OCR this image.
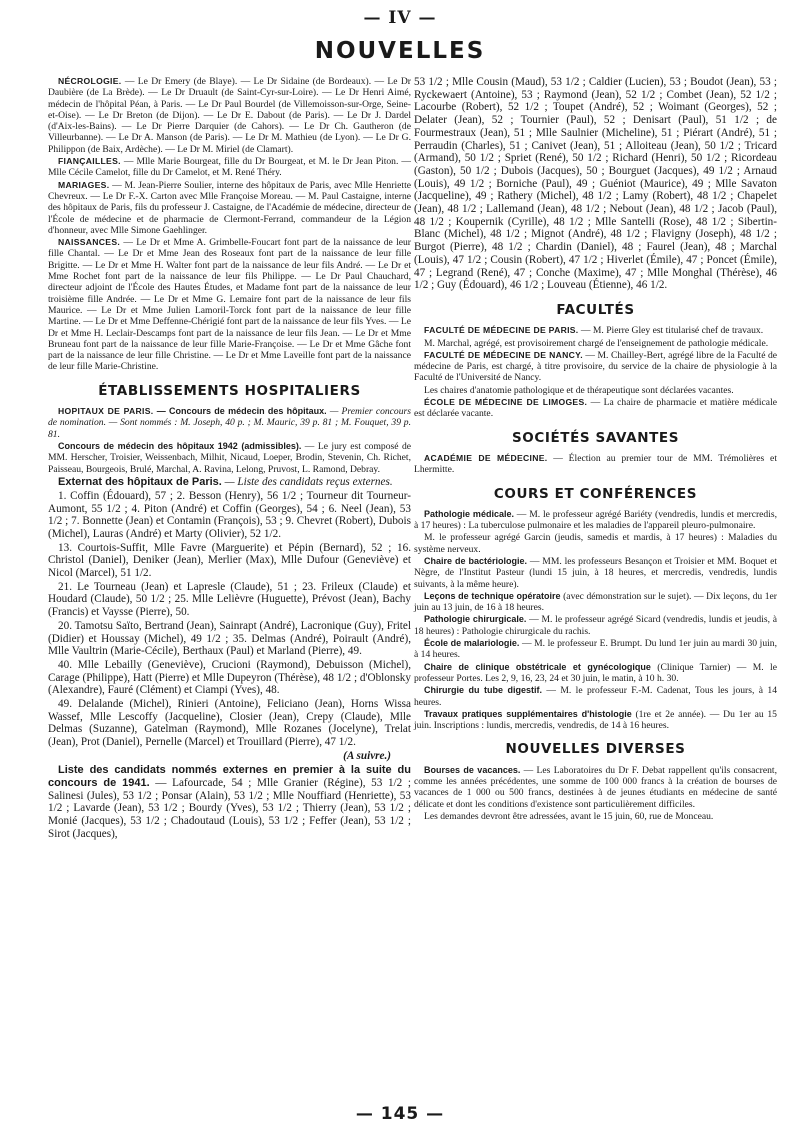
— IV —
NOUVELLES

NÉCROLOGIE. — Le Dr Emery (de Blaye). — Le Dr Sidaine (de Bordeaux). — Le Dr Daubière (de La Brède). — Le Dr Druault (de Saint-Cyr-sur-Loire). — Le Dr Henri Aimé, médecin de l'hôpital Péan, à Paris. — Le Dr Paul Bourdel (de Villemoisson-sur-Orge, Seine-et-Oise). — Le Dr Breton (de Dijon). — Le Dr E. Dabout (de Paris). — Le Dr J. Dardel (d'Aix-les-Bains). — Le Dr Pierre Darquier (de Cahors). — Le Dr Ch. Gautheron (de Villeurbanne). — Le Dr A. Manson (de Paris). — Le Dr M. Mathieu (de Lyon). — Le Dr G. Philippon (de Baix, Ardèche). — Le Dr M. Miriel (de Clamart).

FIANÇAILLES. — Mlle Marie Bourgeat, fille du Dr Bourgeat, et M. le Dr Jean Piton. — Mlle Cécile Camelot, fille du Dr Camelot, et M. René Théry.

MARIAGES. — M. Jean-Pierre Soulier, interne des hôpitaux de Paris, avec Mlle Henriette Chevreux. — Le Dr F.-X. Carton avec Mlle Françoise Moreau. — M. Paul Castaigne, interne des hôpitaux de Paris, fils du professeur J. Castaigne, de l'Académie de médecine, directeur de l'École de médecine et de pharmacie de Clermont-Ferrand, commandeur de la Légion d'honneur, avec Mlle Simone Gaehlinger.

NAISSANCES. — Le Dr et Mme A. Grimbelle-Foucart font part de la naissance de leur fille Chantal. — Le Dr et Mme Jean des Roseaux font part de la naissance de leur fille Brigitte. — Le Dr et Mme H. Walter font part de la naissance de leur fils André. — Le Dr et Mme Rochet font part de la naissance de leur fils Philippe. — Le Dr Paul Chauchard, directeur adjoint de l'École des Hautes Études, et Madame font part de la naissance de leur troisième fille Andrée. — Le Dr et Mme G. Lemaire font part de la naissance de leur fils Maurice. — Le Dr et Mme Julien Lamoril-Torck font part de la naissance de leur fille Martine. — Le Dr et Mme Deffenne-Chérigié font part de la naissance de leur fils Yves. — Le Dr et Mme H. Leclair-Descamps font part de la naissance de leur fils Jean. — Le Dr et Mme Bruneau font part de la naissance de leur fille Marie-Françoise. — Le Dr et Mme Gâche font part de la naissance de leur fille Christine. — Le Dr et Mme Laveille font part de la naissance de leur fille Marie-Christine.

ÉTABLISSEMENTS HOSPITALIERS

HOPITAUX DE PARIS. — Concours de médecin des hôpitaux. — Premier concours de nomination. — Sont nommés : M. Joseph, 40 p. ; M. Mauric, 39 p. 81 ; M. Fouquet, 39 p. 81.

Concours de médecin des hôpitaux 1942 (admissibles). — Le jury est composé de MM. Herscher, Troisier, Weissenbach, Milhit, Nicaud, Loeper, Brodin, Stevenin, Ch. Richet, Paisseau, Bourgeois, Brulé, Marchal, A. Ravina, Lelong, Pruvost, L. Ramond, Debray.

Externat des hôpitaux de Paris. — Liste des candidats reçus externes.

1. Coffin (Édouard), 57 ; 2. Besson (Henry), 56 1/2 ; Tourneur dit Tourneur-Aumont, 55 1/2 ; 4. Piton (André) et Coffin (Georges), 54 ; 6. Neel (Jean), 53 1/2 ; 7. Bonnette (Jean) et Contamin (François), 53 ; 9. Chevret (Robert), Dubois (Michel), Lauras (André) et Marty (Olivier), 52 1/2.

13. Courtois-Suffit, Mlle Favre (Marguerite) et Pépin (Bernard), 52 ; 16. Christol (Daniel), Deniker (Jean), Merlier (Max), Mlle Dufour (Geneviève) et Nicol (Marcel), 51 1/2.

21. Le Tourneau (Jean) et Lapresle (Claude), 51 ; 23. Frileux (Claude) et Houdard (Claude), 50 1/2 ; 25. Mlle Lelièvre (Huguette), Prévost (Jean), Bachy (Francis) et Vaysse (Pierre), 50.

20. Tamotsu Saïto, Bertrand (Jean), Sainrapt (André), Lacronique (Guy), Fritel (Didier) et Houssay (Michel), 49 1/2 ; 35. Delmas (André), Poirault (André), Mlle Vaultrin (Marie-Cécile), Berthaux (Paul) et Marland (Pierre), 49.

40. Mlle Lebailly (Geneviève), Crucioni (Raymond), Debuisson (Michel), Carage (Philippe), Hatt (Pierre) et Mlle Dupeyron (Thérèse), 48 1/2 ; d'Oblonsky (Alexandre), Fauré (Clément) et Ciampi (Yves), 48.

49. Delalande (Michel), Rinieri (Antoine), Feliciano (Jean), Horns Wissa Wassef, Mlle Lescoffy (Jacqueline), Closier (Jean), Crepy (Claude), Mlle Delmas (Suzanne), Gatelman (Raymond), Mlle Rozanes (Jocelyne), Trelat (Jean), Prot (Daniel), Pernelle (Marcel) et Trouillard (Pierre), 47 1/2.

(A suivre.)

Liste des candidats nommés externes en premier à la suite du concours de 1941. — Lafourcade, 54 ; Mlle Granier (Régine), 53 1/2 ; Salinesi (Jules), 53 1/2 ; Ponsar (Alain), 53 1/2 ; Mlle Nouffiard (Henriette), 53 1/2 ; Lavarde (Jean), 53 1/2 ; Bourdy (Yves), 53 1/2 ; Thierry (Jean), 53 1/2 ; Monié (Jacques), 53 1/2 ; Chadoutaud (Louis), 53 1/2 ; Feffer (Jean), 53 1/2 ; Sirot (Jacques),

53 1/2 ; Mlle Cousin (Maud), 53 1/2 ; Caldier (Lucien), 53 ; Boudot (Jean), 53 ; Ryckewaert (Antoine), 53 ; Raymond (Jean), 52 1/2 ; Combet (Jean), 52 1/2 ; Lacourbe (Robert), 52 1/2 ; Toupet (André), 52 ; Woimant (Georges), 52 ; Delater (Jean), 52 ; Tournier (Paul), 52 ; Denisart (Paul), 51 1/2 ; de Fourmestraux (Jean), 51 ; Mlle Saulnier (Micheline), 51 ; Piérart (André), 51 ; Perraudin (Charles), 51 ; Canivet (Jean), 51 ; Alloiteau (Jean), 50 1/2 ; Tricard (Armand), 50 1/2 ; Spriet (René), 50 1/2 ; Richard (Henri), 50 1/2 ; Ricordeau (Gaston), 50 1/2 ; Dubois (Jacques), 50 ; Bourguet (Jacques), 49 1/2 ; Arnaud (Louis), 49 1/2 ; Borniche (Paul), 49 ; Guéniot (Maurice), 49 ; Mlle Savaton (Jacqueline), 49 ; Rathery (Michel), 48 1/2 ; Lamy (Robert), 48 1/2 ; Chapelet (Jean), 48 1/2 ; Lallemand (Jean), 48 1/2 ; Nebout (Jean), 48 1/2 ; Jacob (Paul), 48 1/2 ; Koupernik (Cyrille), 48 1/2 ; Mlle Santelli (Rose), 48 1/2 ; Sibertin-Blanc (Michel), 48 1/2 ; Mignot (André), 48 1/2 ; Flavigny (Joseph), 48 1/2 ; Burgot (Pierre), 48 1/2 ; Chardin (Daniel), 48 ; Faurel (Jean), 48 ; Marchal (Louis), 47 1/2 ; Cousin (Robert), 47 1/2 ; Hiverlet (Émile), 47 ; Poncet (Émile), 47 ; Legrand (René), 47 ; Conche (Maxime), 47 ; Mlle Monghal (Thérèse), 46 1/2 ; Guy (Édouard), 46 1/2 ; Louveau (Étienne), 46 1/2.

FACULTÉS

FACULTÉ DE MÉDECINE DE PARIS. — M. Pierre Gley est titularisé chef de travaux.

M. Marchal, agrégé, est provisoirement chargé de l'enseignement de pathologie médicale.

FACULTÉ DE MÉDECINE DE NANCY. — M. Chailley-Bert, agrégé libre de la Faculté de médecine de Paris, est chargé, à titre provisoire, du service de la chaire de physiologie à la Faculté de l'Université de Nancy.

Les chaires d'anatomie pathologique et de thérapeutique sont déclarées vacantes.

ÉCOLE DE MÉDECINE DE LIMOGES. — La chaire de pharmacie et matière médicale est déclarée vacante.

SOCIÉTÉS SAVANTES

ACADÉMIE DE MÉDECINE. — Élection au premier tour de MM. Trémolières et Lhermitte.

COURS ET CONFÉRENCES

Pathologie médicale. — M. le professeur agrégé Bariéty (vendredis, lundis et mercredis, à 17 heures) : La tuberculose pulmonaire et les maladies de l'appareil pleuro-pulmonaire.

M. le professeur agrégé Garcin (jeudis, samedis et mardis, à 17 heures) : Maladies du système nerveux.

Chaire de bactériologie. — MM. les professeurs Besançon et Troisier et MM. Boquet et Nègre, de l'Institut Pasteur (lundi 15 juin, à 18 heures, et mercredis, vendredis, lundis suivants, à la même heure).

Leçons de technique opératoire (avec démonstration sur le sujet). — Dix leçons, du 1er juin au 13 juin, de 16 à 18 heures.

Pathologie chirurgicale. — M. le professeur agrégé Sicard (vendredis, lundis et jeudis, à 18 heures) : Pathologie chirurgicale du rachis.

École de malariologie. — M. le professeur E. Brumpt. Du lund 1er juin au mardi 30 juin, à 14 heures.

Chaire de clinique obstétricale et gynécologique (Clinique Tarnier) — M. le professeur Portes. Les 2, 9, 16, 23, 24 et 30 juin, le matin, à 10 h. 30.

Chirurgie du tube digestif. — M. le professeur F.-M. Cadenat, Tous les jours, à 14 heures.

Travaux pratiques supplémentaires d'histologie (1re et 2e année). — Du 1er au 15 juin. Inscriptions : lundis, mercredis, vendredis, de 14 à 16 heures.

NOUVELLES DIVERSES

Bourses de vacances. — Les Laboratoires du Dr F. Debat rappellent qu'ils consacrent, comme les années précédentes, une somme de 100 000 francs à la création de bourses de vacances de 1 000 ou 500 francs, destinées à de jeunes étudiants en médecine de santé délicate et dont les conditions d'existence sont particulièrement difficiles.

Les demandes devront être adressées, avant le 15 juin, 60, rue de Monceau.

— 145 —
